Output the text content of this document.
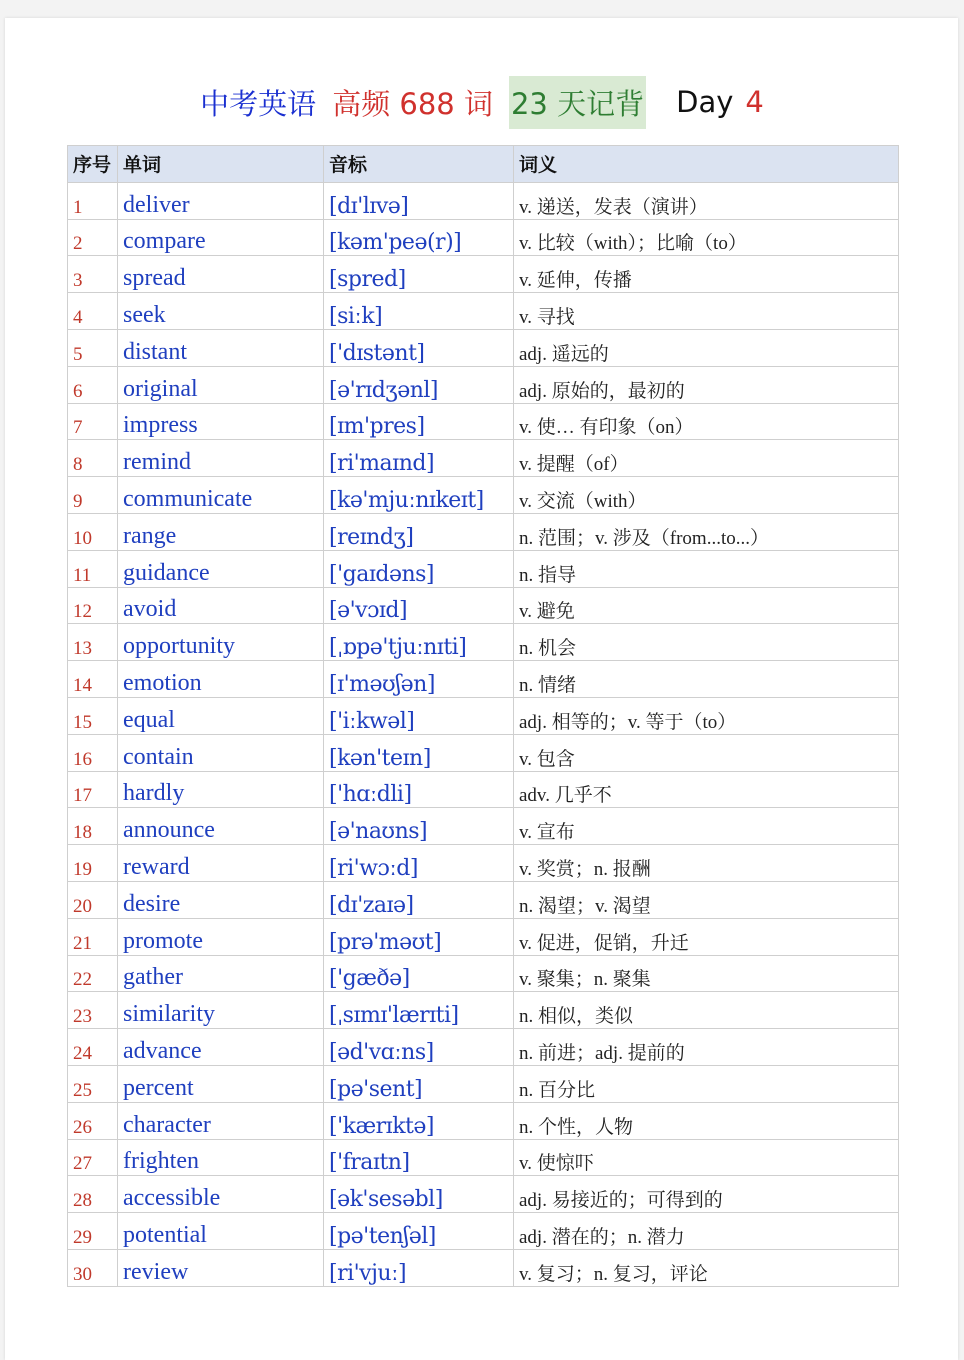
中考英语 高频 688 词 23 天记背 Day 4
序号	单词	音标	词义
1	deliver	[dɪ'lɪvə]	v. 递送，发表（演讲）
2	compare	[kəm'peə(r)]	v. 比较（with）；比喻（to）
3	spread	[spred]	v. 延伸，传播
4	seek	[siːk]	v. 寻找
5	distant	['dɪstənt]	adj. 遥远的
6	original	[ə'rɪdʒənl]	adj. 原始的，最初的
7	impress	[ɪm'pres]	v. 使… 有印象（on）
8	remind	[ri'maɪnd]	v. 提醒（of）
9	communicate	[kə'mjuːnɪkeɪt]	v. 交流（with）
10	range	[reɪndʒ]	n. 范围；v. 涉及（from...to...）
11	guidance	['gaɪdəns]	n. 指导
12	avoid	[ə'vɔɪd]	v. 避免
13	opportunity	[ˌɒpə'tjuːnɪti]	n. 机会
14	emotion	[ɪ'məʊʃən]	n. 情绪
15	equal	['iːkwəl]	adj. 相等的；v. 等于（to）
16	contain	[kən'teɪn]	v. 包含
17	hardly	['hɑːdli]	adv. 几乎不
18	announce	[ə'naʊns]	v. 宣布
19	reward	[ri'wɔːd]	v. 奖赏；n. 报酬
20	desire	[dɪ'zaɪə]	n. 渴望；v. 渴望
21	promote	[prə'məʊt]	v. 促进，促销，升迁
22	gather	['gæðə]	v. 聚集；n. 聚集
23	similarity	[ˌsɪmɪ'lærɪti]	n. 相似，类似
24	advance	[əd'vɑːns]	n. 前进；adj. 提前的
25	percent	[pə'sent]	n. 百分比
26	character	['kærɪktə]	n. 个性，人物
27	frighten	['fraɪtn]	v. 使惊吓
28	accessible	[ək'sesəbl]	adj. 易接近的；可得到的
29	potential	[pə'tenʃəl]	adj. 潜在的；n. 潜力
30	review	[ri'vjuː]	v. 复习；n. 复习，评论
